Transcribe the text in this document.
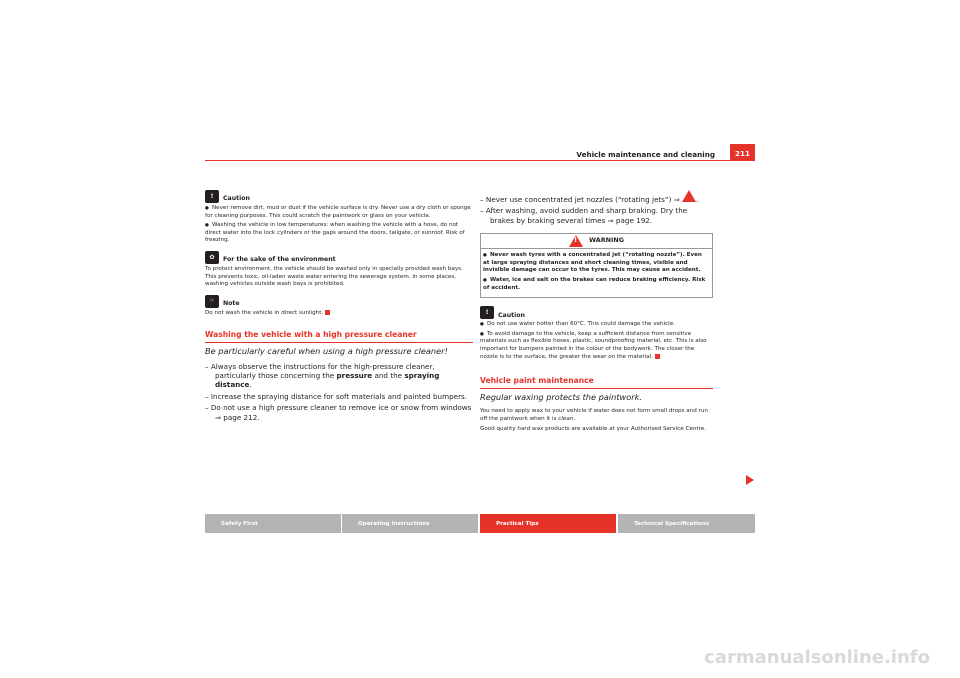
Vehicle maintenance and cleaning	211
!	Caution

● Never remove dirt, mud or dust if the vehicle surface is dry. Never use a dry cloth or sponge for cleaning purposes. This could scratch the paintwork or glass on your vehicle.

● Washing the vehicle in low temperatures: when washing the vehicle with a hose, do not direct water into the lock cylinders or the gaps around the doors, tailgate, or sunroof. Risk of freezing.

✿	For the sake of the environment

To protect environment, the vehicle should be washed only in specially provided wash bays. This prevents toxic, oil-laden waste water entering the sewerage system. In some places, washing vehicles outside wash bays is prohibited.

☞	Note

Do not wash the vehicle in direct sunlight.

Washing the vehicle with a high pressure cleaner
Be particularly careful when using a high pressure cleaner!

– Always observe the instructions for the high-pressure cleaner, particularly those concerning the pressure and the spraying distance.

– Increase the spraying distance for soft materials and painted bumpers.

– Do not use a high pressure cleaner to remove ice or snow from windows ⇒ page 212.

– Never use concentrated jet nozzles (“rotating jets”) ⇒ ! .

– After washing, avoid sudden and sharp braking. Dry the brakes by braking several times ⇒ page 192.

!
WARNING

● Never wash tyres with a concentrated jet (“rotating nozzle”). Even at large spraying distances and short cleaning times, visible and invisible damage can occur to the tyres. This may cause an accident.

● Water, ice and salt on the brakes can reduce braking efficiency. Risk of accident.

!	Caution

● Do not use water hotter than 60°C. This could damage the vehicle.

● To avoid damage to the vehicle, keep a sufficient distance from sensitive materials such as flexible hoses, plastic, soundproofing material, etc. This is also important for bumpers painted in the colour of the bodywork. The closer the nozzle is to the surface, the greater the wear on the material.

Vehicle paint maintenance
Regular waxing protects the paintwork.

You need to apply wax to your vehicle if water does not form small drops and run off the paintwork when it is clean.

Good quality hard wax products are available at your Authorised Service Centre.

Safety First	Operating Instructions	Practical Tips	Technical Specifications
carmanualsonline.info
